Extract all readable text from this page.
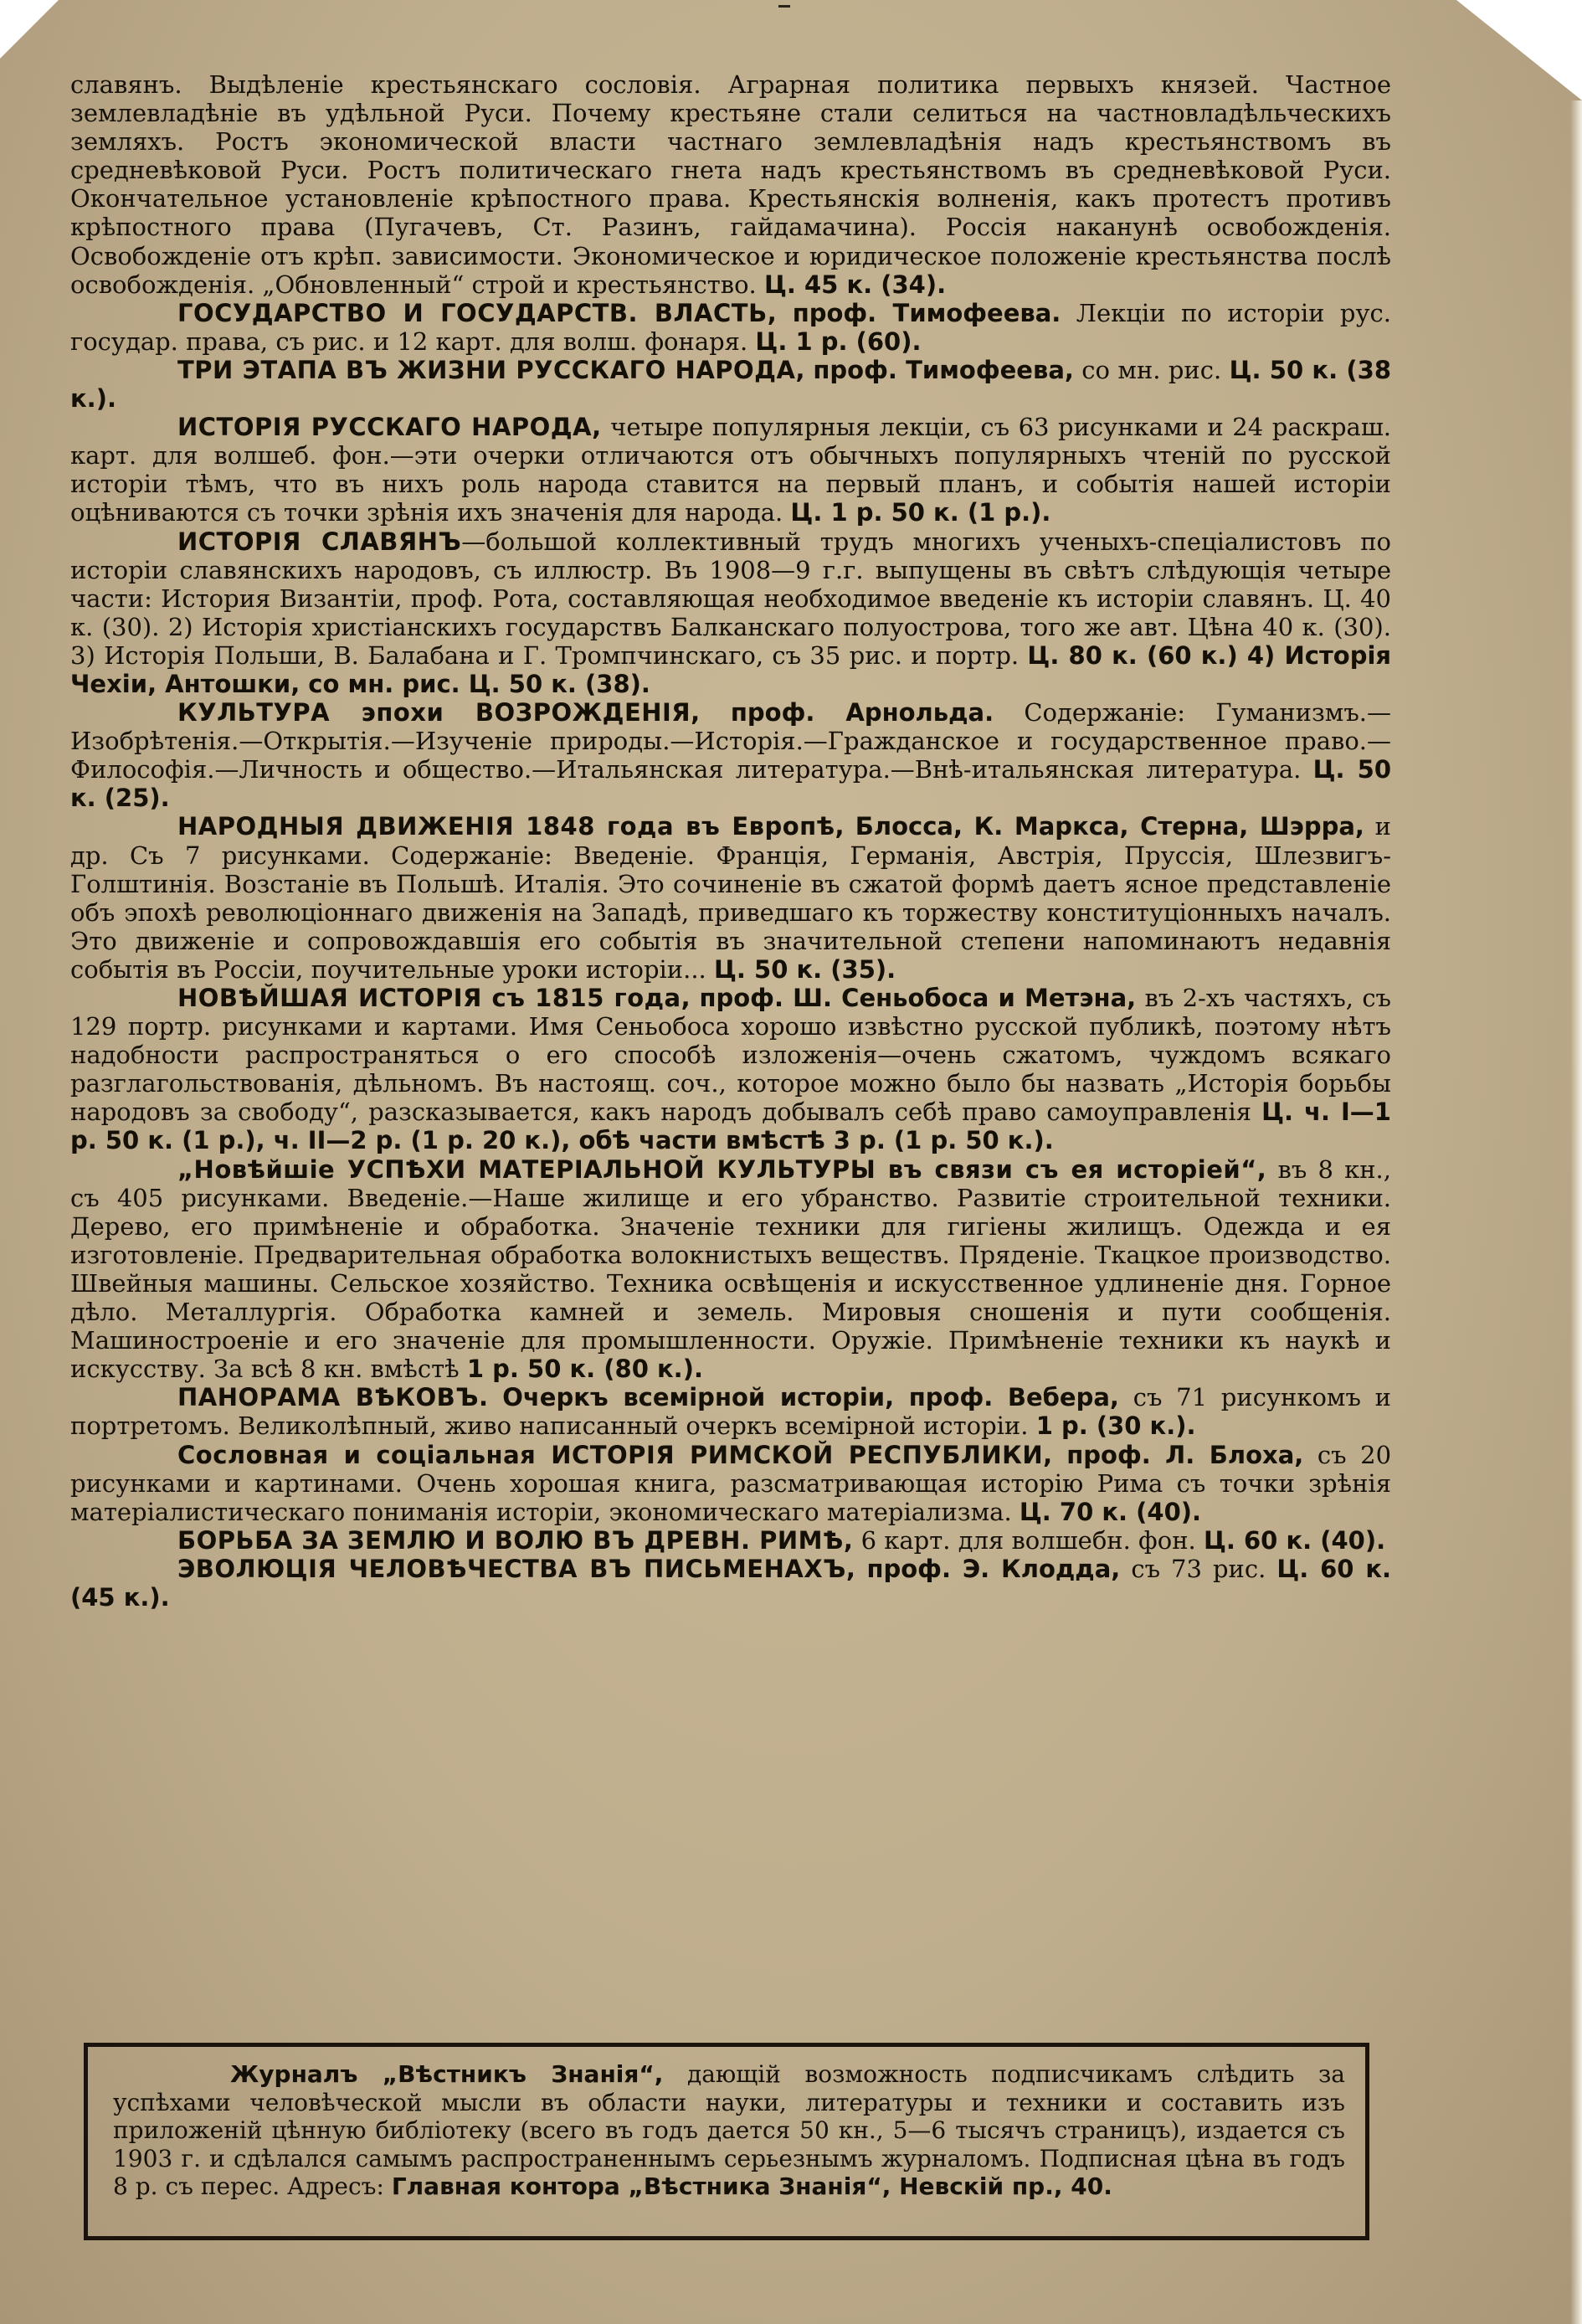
славянъ. Выдѣленіе крестьянскаго сословія. Аграрная политика первыхъ князей. Частное землевладѣніе въ удѣльной Руси. Почему крестьяне стали селиться на частновладѣльческихъ земляхъ. Ростъ экономической власти частнаго землевладѣнія надъ крестьянствомъ въ средневѣковой Руси. Ростъ политическаго гнета надъ крестьянствомъ въ средневѣковой Руси. Окончательное установленіе крѣпостного права. Крестьянскія волненія, какъ протестъ противъ крѣпостного права (Пугачевъ, Ст. Разинъ, гайдамачина). Россія наканунѣ освобожденія. Освобожденіе отъ крѣп. зависимости. Экономическое и юридическое положеніе крестьянства послѣ освобожденія. „Обновленный“ строй и крестьянство. Ц. 45 к. (34).

ГОСУДАРСТВО И ГОСУДАРСТВ. ВЛАСТЬ, проф. Тимофеева. Лекціи по исторіи рус. государ. права, съ рис. и 12 карт. для волш. фонаря. Ц. 1 р. (60).

ТРИ ЭТАПА ВЪ ЖИЗНИ РУССКАГО НАРОДА, проф. Тимофеева, со мн. рис. Ц. 50 к. (38 к.).

ИСТОРІЯ РУССКАГО НАРОДА, четыре популярныя лекціи, съ 63 рисунками и 24 раскраш. карт. для волшеб. фон.—эти очерки отличаются отъ обычныхъ популярныхъ чтеній по русской исторіи тѣмъ, что въ нихъ роль народа ставится на первый планъ, и событія нашей исторіи оцѣниваются съ точки зрѣнія ихъ значенія для народа. Ц. 1 р. 50 к. (1 р.).

ИСТОРІЯ СЛАВЯНЪ—большой коллективный трудъ многихъ ученыхъ-спеціалистовъ по исторіи славянскихъ народовъ, съ иллюстр. Въ 1908—9 г.г. выпущены въ свѣтъ слѣдующія четыре части: История Византіи, проф. Рота, составляющая необходимое введеніе къ исторіи славянъ. Ц. 40 к. (30). 2) Исторія христіанскихъ государствъ Балканскаго полуострова, того же авт. Цѣна 40 к. (30). 3) Исторія Польши, В. Балабана и Г. Тромпчинскаго, съ 35 рис. и портр. Ц. 80 к. (60 к.) 4) Исторія Чехіи, Антошки, со мн. рис. Ц. 50 к. (38).

КУЛЬТУРА эпохи ВОЗРОЖДЕНІЯ, проф. Арнольда. Содержаніе: Гуманизмъ.—Изобрѣтенія.—Открытія.—Изученіе природы.—Исторія.—Гражданское и государственное право.—Философія.—Личность и общество.—Итальянская литература.—Внѣ-итальянская литература. Ц. 50 к. (25).

НАРОДНЫЯ ДВИЖЕНІЯ 1848 года въ Европѣ, Блосса, К. Маркса, Стерна, Шэрра, и др. Съ 7 рисунками. Содержаніе: Введеніе. Франція, Германія, Австрія, Пруссія, Шлезвигъ-Голштинія. Возстаніе въ Польшѣ. Италія. Это сочиненіе въ сжатой формѣ даетъ ясное представленіе объ эпохѣ революціоннаго движенія на Западѣ, приведшаго къ торжеству конституціонныхъ началъ. Это движеніе и сопровождавшія его событія въ значительной степени напоминаютъ недавнія событія въ Россіи, поучительные уроки исторіи... Ц. 50 к. (35).

НОВѢЙШАЯ ИСТОРІЯ съ 1815 года, проф. Ш. Сеньобоса и Метэна, въ 2-хъ частяхъ, съ 129 портр. рисунками и картами. Имя Сеньобоса хорошо извѣстно русской публикѣ, поэтому нѣтъ надобности распространяться о его способѣ изложенія—очень сжатомъ, чуждомъ всякаго разглагольствованія, дѣльномъ. Въ настоящ. соч., которое можно было бы назвать „Исторія борьбы народовъ за свободу“, разсказывается, какъ народъ добывалъ себѣ право самоуправленія Ц. ч. I—1 р. 50 к. (1 р.), ч. II—2 р. (1 р. 20 к.), обѣ части вмѣстѣ 3 р. (1 р. 50 к.).

„Новѣйшіе УСПѢХИ МАТЕРІАЛЬНОЙ КУЛЬТУРЫ въ связи съ ея исторіей“, въ 8 кн., съ 405 рисунками. Введеніе.—Наше жилище и его убранство. Развитіе строительной техники. Дерево, его примѣненіе и обработка. Значеніе техники для гигіены жилищъ. Одежда и ея изготовленіе. Предварительная обработка волокнистыхъ веществъ. Пряденіе. Ткацкое производство. Швейныя машины. Сельское хозяйство. Техника освѣщенія и искусственное удлиненіе дня. Горное дѣло. Металлургія. Обработка камней и земель. Мировыя сношенія и пути сообщенія. Машиностроеніе и его значеніе для промышленности. Оружіе. Примѣненіе техники къ наукѣ и искусству. За всѣ 8 кн. вмѣстѣ 1 р. 50 к. (80 к.).

ПАНОРАМА ВѢКОВЪ. Очеркъ всемірной исторіи, проф. Вебера, съ 71 рисункомъ и портретомъ. Великолѣпный, живо написанный очеркъ всемірной исторіи. 1 р. (30 к.).

Сословная и соціальная ИСТОРІЯ РИМСКОЙ РЕСПУБЛИКИ, проф. Л. Блоха, съ 20 рисунками и картинами. Очень хорошая книга, разсматривающая исторію Рима съ точки зрѣнія матеріалистическаго пониманія исторіи, экономическаго матеріализма. Ц. 70 к. (40).

БОРЬБА ЗА ЗЕМЛЮ И ВОЛЮ ВЪ ДРЕВН. РИМѢ, 6 карт. для волшебн. фон. Ц. 60 к. (40).

ЭВОЛЮЦІЯ ЧЕЛОВѢЧЕСТВА ВЪ ПИСЬМЕНАХЪ, проф. Э. Клодда, съ 73 рис. Ц. 60 к. (45 к.).

Журналъ „Вѣстникъ Знанія“, дающій возможность подписчикамъ слѣдить за успѣхами человѣческой мысли въ области науки, литературы и техники и составить изъ приложеній цѣнную библіотеку (всего въ годъ дается 50 кн., 5—6 тысячъ страницъ), издается съ 1903 г. и сдѣлался самымъ распространеннымъ серьезнымъ журналомъ. Подписная цѣна въ годъ 8 р. съ перес. Адресъ: Главная контора „Вѣстника Знанія“, Невскій пр., 40.
